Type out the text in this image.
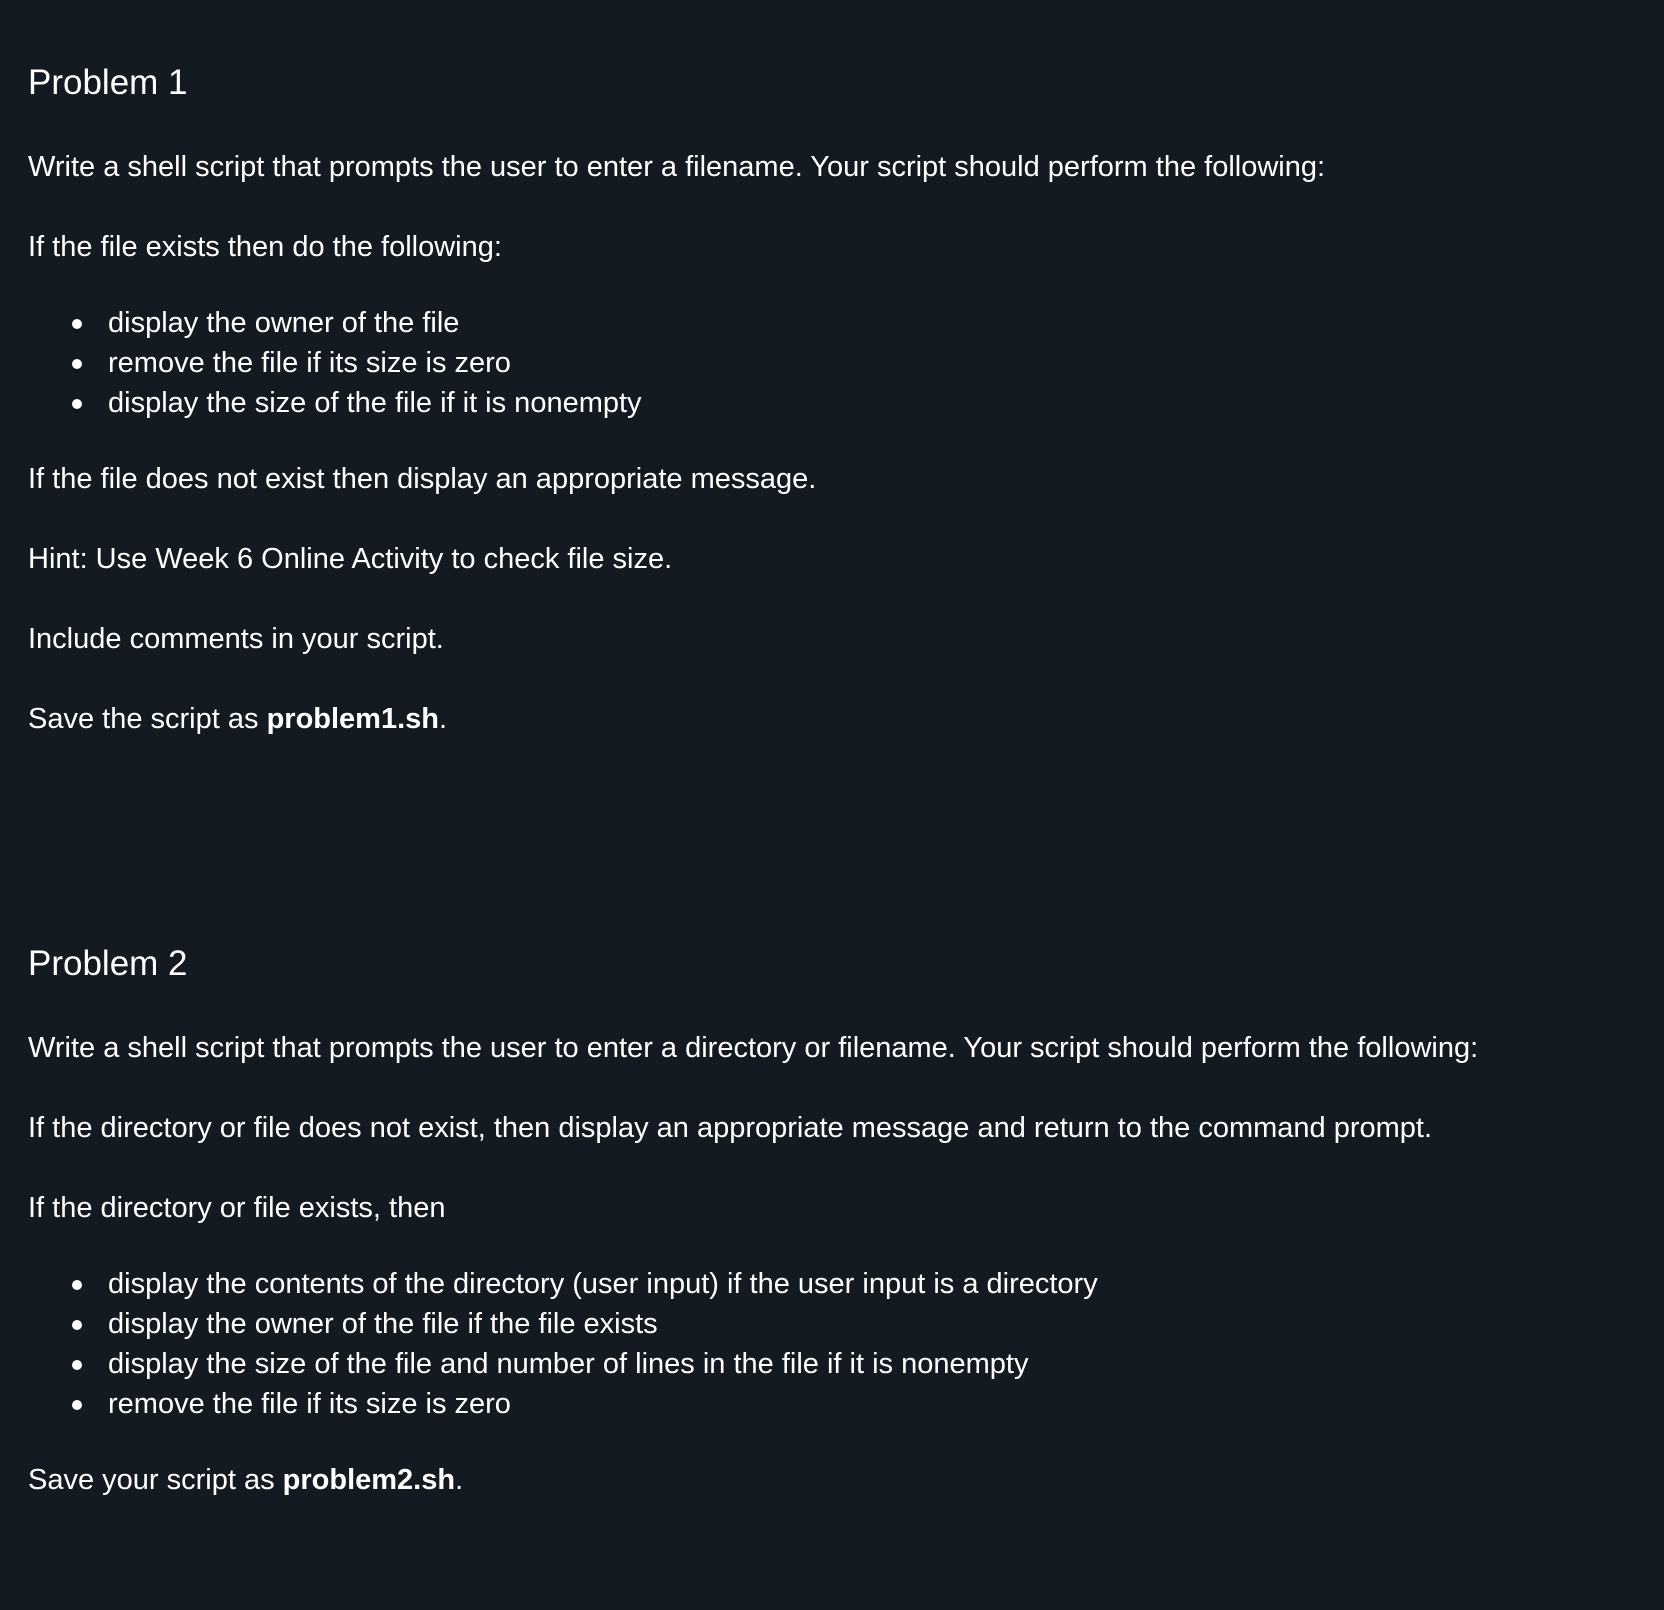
Problem 1

Write a shell script that prompts the user to enter a filename. Your script should perform the following:

If the file exists then do the following:

display the owner of the file
remove the file if its size is zero
display the size of the file if it is nonempty

If the file does not exist then display an appropriate message.

Hint: Use Week 6 Online Activity to check file size.

Include comments in your script.

Save the script as problem1.sh.

Problem 2

Write a shell script that prompts the user to enter a directory or filename. Your script should perform the following:

If the directory or file does not exist, then display an appropriate message and return to the command prompt.

If the directory or file exists, then

display the contents of the directory (user input) if the user input is a directory
display the owner of the file if the file exists
display the size of the file and number of lines in the file if it is nonempty
remove the file if its size is zero

Save your script as problem2.sh.
